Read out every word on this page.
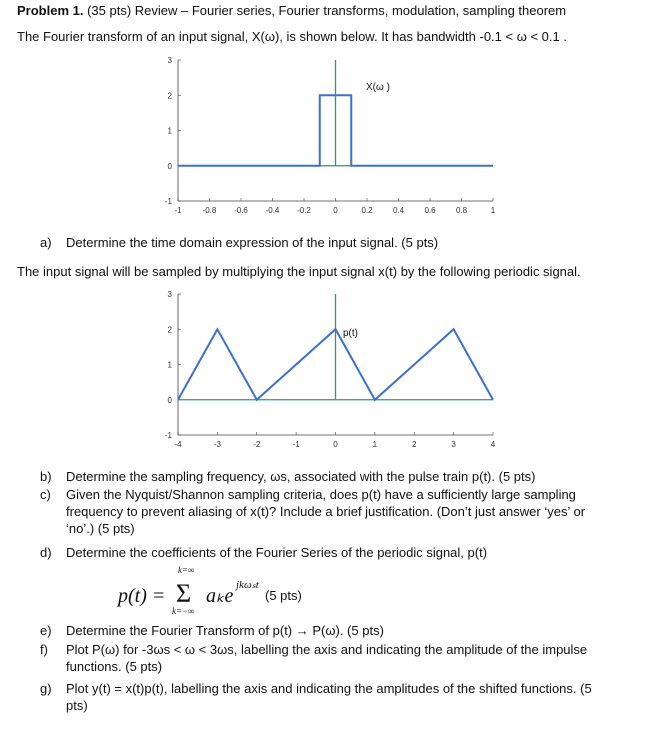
Problem 1. (35 pts) Review – Fourier series, Fourier transforms, modulation, sampling theorem
The Fourier transform of an input signal, X(ω), is shown below. It has bandwidth -0.1 < ω < 0.1 .
-1	-0.8 -0.6 -0.4 -0.2	0	0.2	0.4	0.6	0.8	1
-1
0
1
2
3
X(ω )
a) Determine the time domain expression of the input signal. (5 pts)
The input signal will be sampled by multiplying the input signal x(t) by the following periodic signal.
-4	-3	-2	-1	0	1	2	3	4
-1
0
1
2
3
p(t)
b) Determine the sampling frequency, ωs, associated with the pulse train p(t). (5 pts)
c)	Given the Nyquist/Shannon sampling criteria, does p(t) have a sufficiently large sampling frequency to prevent aliasing of x(t)? Include a brief justification. (Don’t just answer ‘yes’ or ‘no’.) (5 pts)
d) Determine the coefficients of the Fourier Series of the periodic signal, p(t)
p(t) =
k=∞
Σ
k=−∞
aₖe jkωₛt
(5 pts)
e) Determine the Fourier Transform of p(t) → P(ω). (5 pts)
f)	Plot P(ω) for -3ωs < ω < 3ωs, labelling the axis and indicating the amplitude of the impulse functions. (5 pts)
g)	Plot y(t) = x(t)p(t), labelling the axis and indicating the amplitudes of the shifted functions. (5 pts)
